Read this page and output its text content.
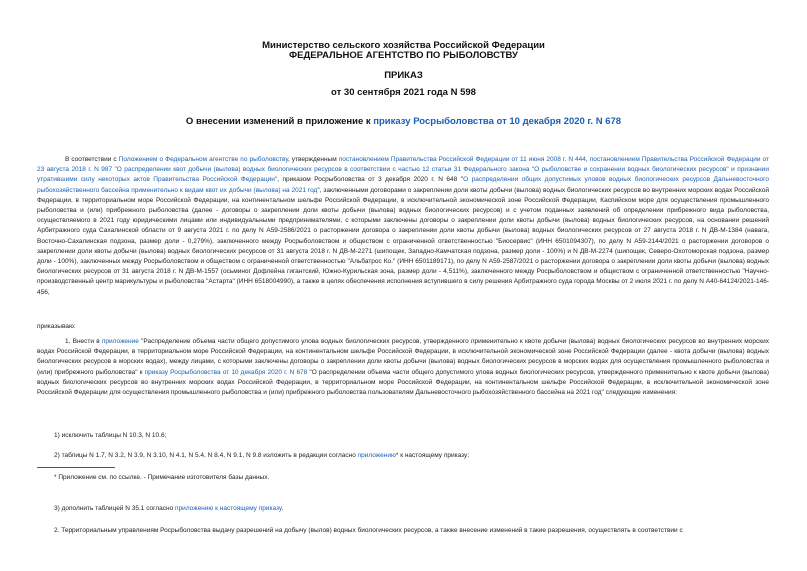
Министерство сельского хозяйства Российской Федерации
ФЕДЕРАЛЬНОЕ АГЕНТСТВО ПО РЫБОЛОВСТВУ
ПРИКАЗ
от 30 сентября 2021 года N 598
О внесении изменений в приложение к приказу Росрыболовства от 10 декабря 2020 г. N 678
В соответствии с Положением о Федеральном агентстве по рыболовству, утвержденным постановлением Правительства Российской Федерации от 11 июня 2008 г. N 444, постановлением Правительства Российской Федерации от 23 августа 2018 г. N 987 "О распределении квот добычи (вылова) водных биологических ресурсов в соответствии с частью 12 статьи 31 Федерального закона "О рыболовстве и сохранении водных биологических ресурсов" и признании утратившими силу некоторых актов Правительства Российской Федерации", приказом Росрыболовства от 3 декабря 2020 г. N 648 "О распределении общих допустимых уловов водных биологических ресурсов Дальневосточного рыбохозяйственного бассейна применительно к видам квот их добычи (вылова) на 2021 год", заключенными договорами о закреплении доли квоты добычи (вылова) водных биологических ресурсов во внутренних морских водах Российской Федерации, в территориальном море Российской Федерации, на континентальном шельфе Российской Федерации, в исключительной экономической зоне Российской Федерации, Каспийском море для осуществления промышленного рыболовства и (или) прибрежного рыболовства (далее - договоры о закреплении доли квоты добычи (вылова) водных биологических ресурсов) и с учетом поданных заявлений об определении прибрежного вида рыболовства, осуществляемого в 2021 году юридическими лицами или индивидуальными предпринимателями, с которыми заключены договоры о закреплении доли квоты добычи (вылова) водных биологических ресурсов, на основании решений Арбитражного суда Сахалинской области от 9 августа 2021 г. по делу N А59-2586/2021 о расторжении договора о закреплении доли квоты добычи (вылова) водных биологических ресурсов от 27 августа 2018 г. N ДВ-М-1384 (навага, Восточно-Сахалинская подзона, размер доли - 0,279%), заключенного между Росрыболовством и обществом с ограниченной ответственностью "Биосервис" (ИНН 6501094307), по делу N А59-2144/2021 о расторжении договоров о закреплении доли квоты добычи (вылова) водных биологических ресурсов от 31 августа 2018 г. N ДВ-М-2271 (шипощек, Западно-Камчатская подзона, размер доли - 100%) и N ДВ-М-2274 (шипощек, Северо-Охотоморская подзона, размер доли - 100%), заключенных между Росрыболовством и обществом с ограниченной ответственностью "Альбатрос Ко." (ИНН 6501189171), по делу N А59-2587/2021 о расторжении договора о закреплении доли квоты добычи (вылова) водных биологических ресурсов от 31 августа 2018 г. N ДВ-М-1557 (осьминог Дофлейна гигантский, Южно-Курильская зона, размер доли - 4,511%), заключенного между Росрыболовством и обществом с ограниченной ответственностью "Научно-производственный центр марикультуры и рыболовства "Астарта" (ИНН 6518004990), а также в целях обеспечения исполнения вступившего в силу решения Арбитражного суда города Москвы от 2 июля 2021 г. по делу N А40-64124/2021-146-456,
приказываю:
1. Внести в приложение "Распределение объема части общего допустимого улова водных биологических ресурсов, утвержденного применительно к квоте добычи (вылова) водных биологических ресурсов во внутренних морских водах Российской Федерации, в территориальном море Российской Федерации, на континентальном шельфе Российской Федерации, в исключительной экономической зоне Российской Федерации (далее - квота добычи (вылова) водных биологических ресурсов в морских водах), между лицами, с которыми заключены договоры о закреплении доли квоты добычи (вылова) водных биологических ресурсов в морских водах для осуществления промышленного рыболовства и (или) прибрежного рыболовства" к приказу Росрыболовства от 10 декабря 2020 г. N 678 "О распределении объема части общего допустимого улова водных биологических ресурсов, утвержденного применительно к квоте добычи (вылова) водных биологических ресурсов во внутренних морских водах Российской Федерации, в территориальном море Российской Федерации, на континентальном шельфе Российской Федерации, в исключительной экономической зоне Российской Федерации для осуществления промышленного рыболовства и (или) прибрежного рыболовства пользователям Дальневосточного рыбохозяйственного бассейна на 2021 год" следующие изменения:
1) исключить таблицы N 10.3, N 10.6;
2) таблицы N 1.7, N 3.2, N 3.9, N 3.10, N 4.1, N 5.4, N 8.4, N 9.1, N 9.8 изложить в редакции согласно приложению* к настоящему приказу;
* Приложение см. по ссылке. - Примечание изготовителя базы данных.
3) дополнить таблицей N 35.1 согласно приложению к настоящему приказу.
2. Территориальным управлениям Росрыболовства выдачу разрешений на добычу (вылов) водных биологических ресурсов, а также внесение изменений в такие разрешения, осуществлять в соответствии с
